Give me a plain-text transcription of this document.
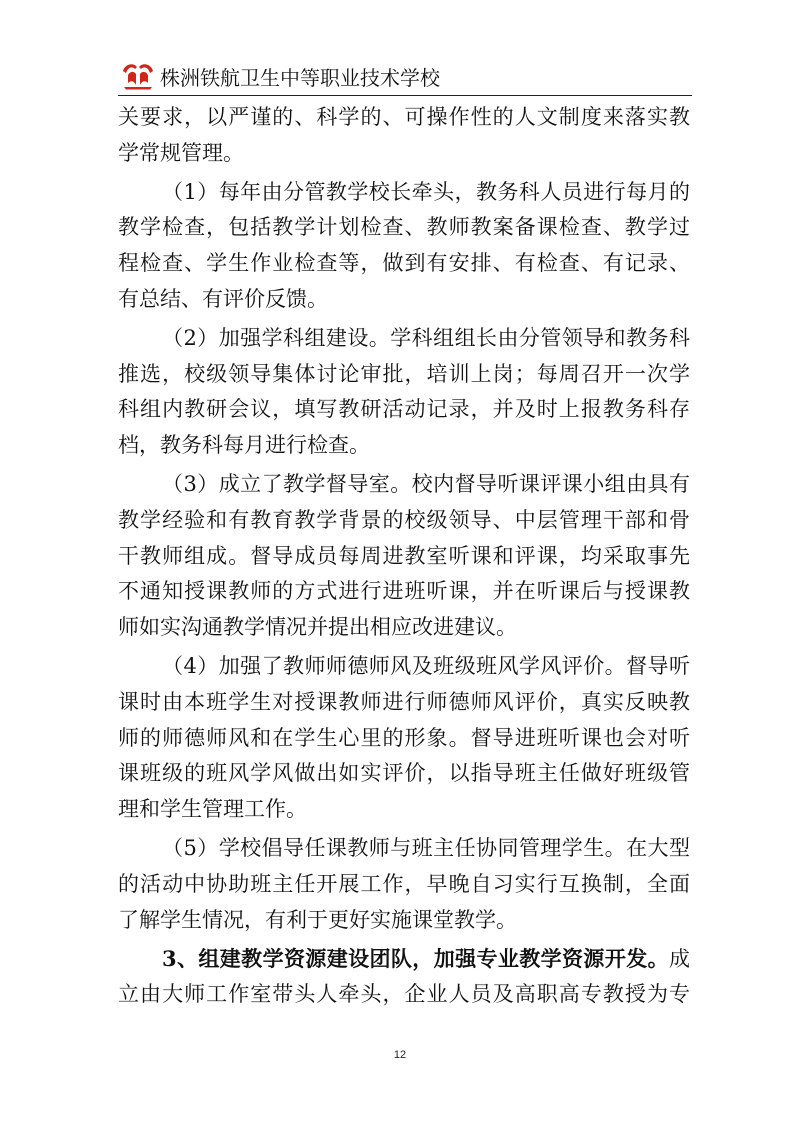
株洲铁航卫生中等职业技术学校
关要求，以严谨的、科学的、可操作性的人文制度来落实教
学常规管理。
（1）每年由分管教学校长牵头，教务科人员进行每月的
教学检查，包括教学计划检查、教师教案备课检查、教学过
程检查、学生作业检查等，做到有安排、有检查、有记录、
有总结、有评价反馈。
（2）加强学科组建设。学科组组长由分管领导和教务科
推选，校级领导集体讨论审批，培训上岗；每周召开一次学
科组内教研会议，填写教研活动记录，并及时上报教务科存
档，教务科每月进行检查。
（3）成立了教学督导室。校内督导听课评课小组由具有
教学经验和有教育教学背景的校级领导、中层管理干部和骨
干教师组成。督导成员每周进教室听课和评课，均采取事先
不通知授课教师的方式进行进班听课，并在听课后与授课教
师如实沟通教学情况并提出相应改进建议。
（4）加强了教师师德师风及班级班风学风评价。督导听
课时由本班学生对授课教师进行师德师风评价，真实反映教
师的师德师风和在学生心里的形象。督导进班听课也会对听
课班级的班风学风做出如实评价，以指导班主任做好班级管
理和学生管理工作。
（5）学校倡导任课教师与班主任协同管理学生。在大型
的活动中协助班主任开展工作，早晚自习实行互换制，全面
了解学生情况，有利于更好实施课堂教学。
3、组建教学资源建设团队，加强专业教学资源开发。成
立由大师工作室带头人牵头，企业人员及高职高专教授为专
12
